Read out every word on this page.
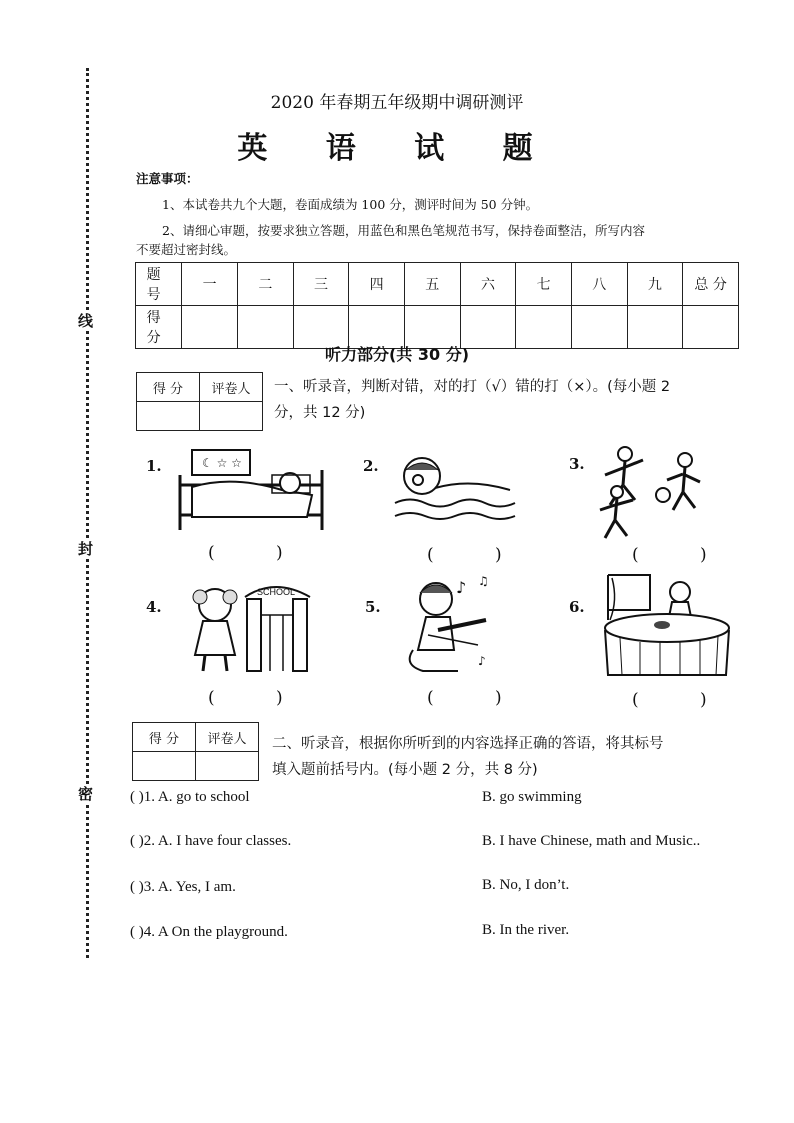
线
封
密
2020 年春期五年级期中调研测评
英 语 试 题
注意事项：
1、本试卷共九个大题，卷面成绩为 100 分，测评时间为 50 分钟。
2、请细心审题，按要求独立答题，用蓝色和黑色笔规范书写，保持卷面整洁，所写内容
不要超过密封线。
题 号	一	二	三	四	五	六	七	八	九	总 分
得 分										
听力部分(共 30 分)
得 分	评卷人
	一、听录音，判断对错，对的打（√）错的打（×）。(每小题 2
分，共 12 分)
1.	☾ ☆ ☆
( )
2.
( )
3.
( )
4.
SCHOOL
( )
5.
♪ ♫
♪
( )
6.
( )
得 分	评卷人
	二、听录音，根据你所听到的内容选择正确的答语，将其标号
填入题前括号内。(每小题 2 分，共 8 分)
( )1. A. go to school	B. go swimming
( )2. A. I have four classes.	B. I have Chinese, math and Music..
( )3. A. Yes, I am.	B. No, I don’t.
( )4. A On the playground.	B. In the river.
